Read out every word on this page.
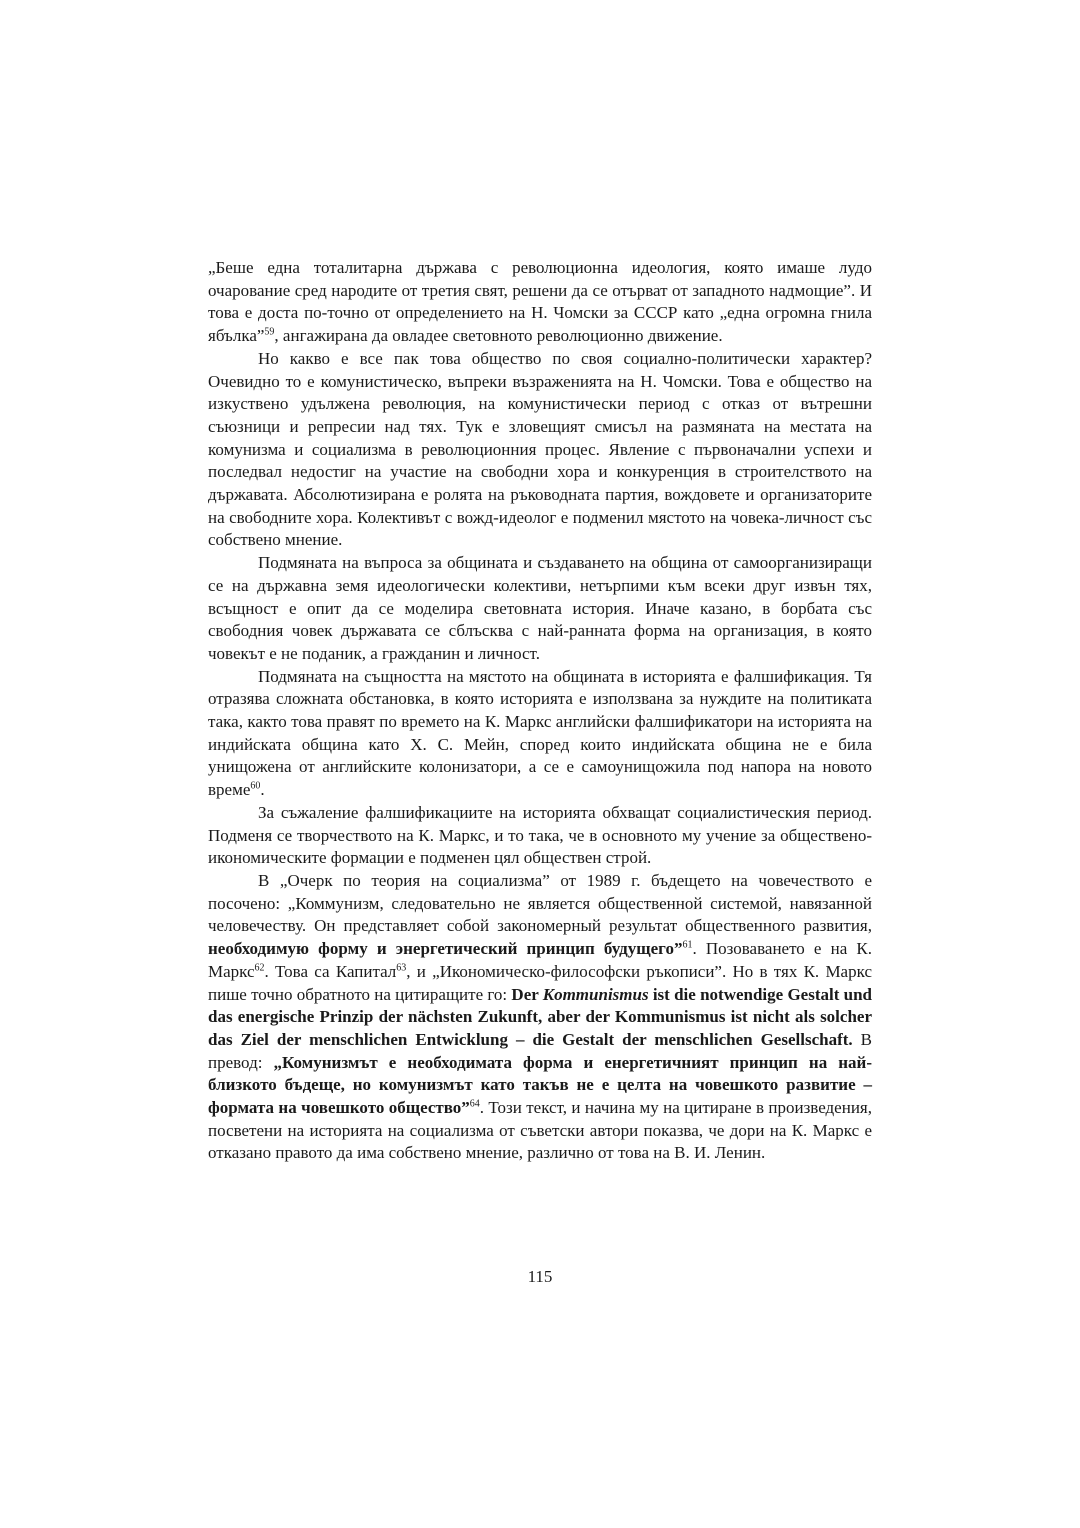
„Беше една тоталитарна държава с революционна идеология, която имаше лудо очарование сред народите от третия свят, решени да се отърват от западното надмощие”. И това е доста по-точно от определението на Н. Чомски за СССР като „една огромна гнила ябълка”$^{59}$, ангажирана да овладее световното революционно движение.

Но какво е все пак това общество по своя социално-политически характер? Очевидно то е комунистическо, въпреки възраженията на Н. Чомски. Това е общество на изкуствено удължена революция, на комунистически период с отказ от вътрешни съюзници и репресии над тях. Тук е зловещият смисъл на размяната на местата на комунизма и социализма в революционния процес. Явление с първоначални успехи и последвал недостиг на участие на свободни хора и конкуренция в строителството на държавата. Абсолютизирана е ролята на ръководната партия, вождовете и организаторите на свободните хора. Колективът с вожд-идеолог е подменил мястото на човека-личност със собствено мнение.

Подмяната на въпроса за общината и създаването на община от самоорганизиращи се на държавна земя идеологически колективи, нетърпими към всеки друг извън тях, всъщност е опит да се моделира световната история. Иначе казано, в борбата със свободния човек държавата се сблъсква с най-ранната форма на организация, в която човекът е не поданик, а гражданин и личност.

Подмяната на същността на мястото на общината в историята е фалшификация. Тя отразява сложната обстановка, в която историята е използвана за нуждите на политиката така, както това правят по времето на К. Маркс английски фалшификатори на историята на индийската община като Х. С. Мейн, според които индийската община не е била унищожена от английските колонизатори, а се е самоунищожила под напора на новото време$^{60}$.

За съжаление фалшификациите на историята обхващат социалистическия период. Подменя се творчеството на К. Маркс, и то така, че в основното му учение за обществено-икономическите формации е подменен цял обществен строй.

В „Очерк по теория на социализма” от 1989 г. бъдещето на човечеството е посочено: „Коммунизм, следовательно не является общественной системой, навязанной человечеству. Он представляет собой закономерный результат общественного развития, необходимую форму и энергетический принцип будущего”$^{61}$. Позоваването е на К. Маркс$^{62}$. Това са Капитал$^{63}$, и „Икономическо-философски ръкописи”. Но в тях К. Маркс пише точно обратното на цитиращите го: Der Kommunismus ist die notwendige Gestalt und das energische Prinzip der nächsten Zukunft, aber der Kommunismus ist nicht als solcher das Ziel der menschlichen Entwicklung – die Gestalt der menschlichen Gesellschaft. В превод: „Комунизмът е необходимата форма и енергетичният принцип на най-близкото бъдеще, но комунизмът като такъв не е целта на човешкото развитие – формата на човешкото общество”$^{64}$. Този текст, и начина му на цитиране в произведения, посветени на историята на социализма от съветски автори показва, че дори на К. Маркс е отказано правото да има собствено мнение, различно от това на В. И. Ленин.

115
